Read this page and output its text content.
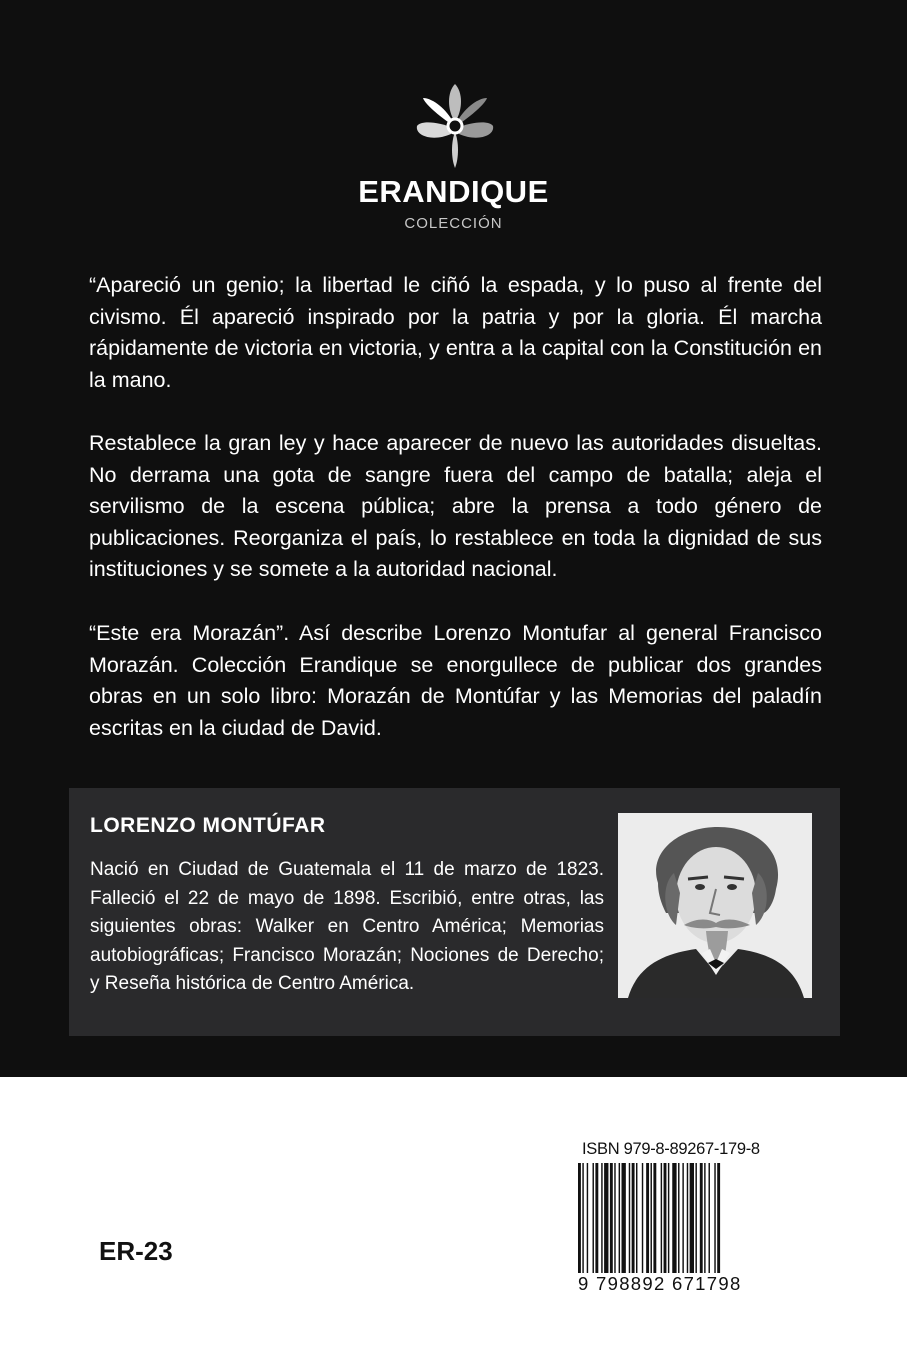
ERANDIQUE
COLECCIÓN

“Apareció un genio; la libertad le ciñó la espada, y lo puso al frente del civismo. Él apareció inspirado por la patria y por la gloria. Él marcha rápidamente de victoria en victoria, y entra a la capital con la Constitución en la mano.

Restablece la gran ley y hace aparecer de nuevo las autoridades disueltas. No derrama una gota de sangre fuera del campo de batalla; aleja el servilismo de la escena pública; abre la prensa a todo género de publicaciones. Reorganiza el país, lo restablece en toda la dignidad de sus instituciones y se somete a la autoridad nacional.

“Este era Morazán”. Así describe Lorenzo Montufar al general Francisco Morazán. Colección Erandique se enorgullece de publicar dos grandes obras en un solo libro: Morazán de Montúfar y las Memorias del paladín escritas en la ciudad de David.

LORENZO MONTÚFAR

Nació en Ciudad de Guatemala el 11 de marzo de 1823. Falleció el 22 de mayo de 1898. Escribió, entre otras, las siguientes obras: Walker en Centro América; Memorias autobiográficas; Francisco Morazán; Nociones de Derecho; y Reseña histórica de Centro América.

ISBN 979-8-89267-179-8
9 798892 671798
ER-23
